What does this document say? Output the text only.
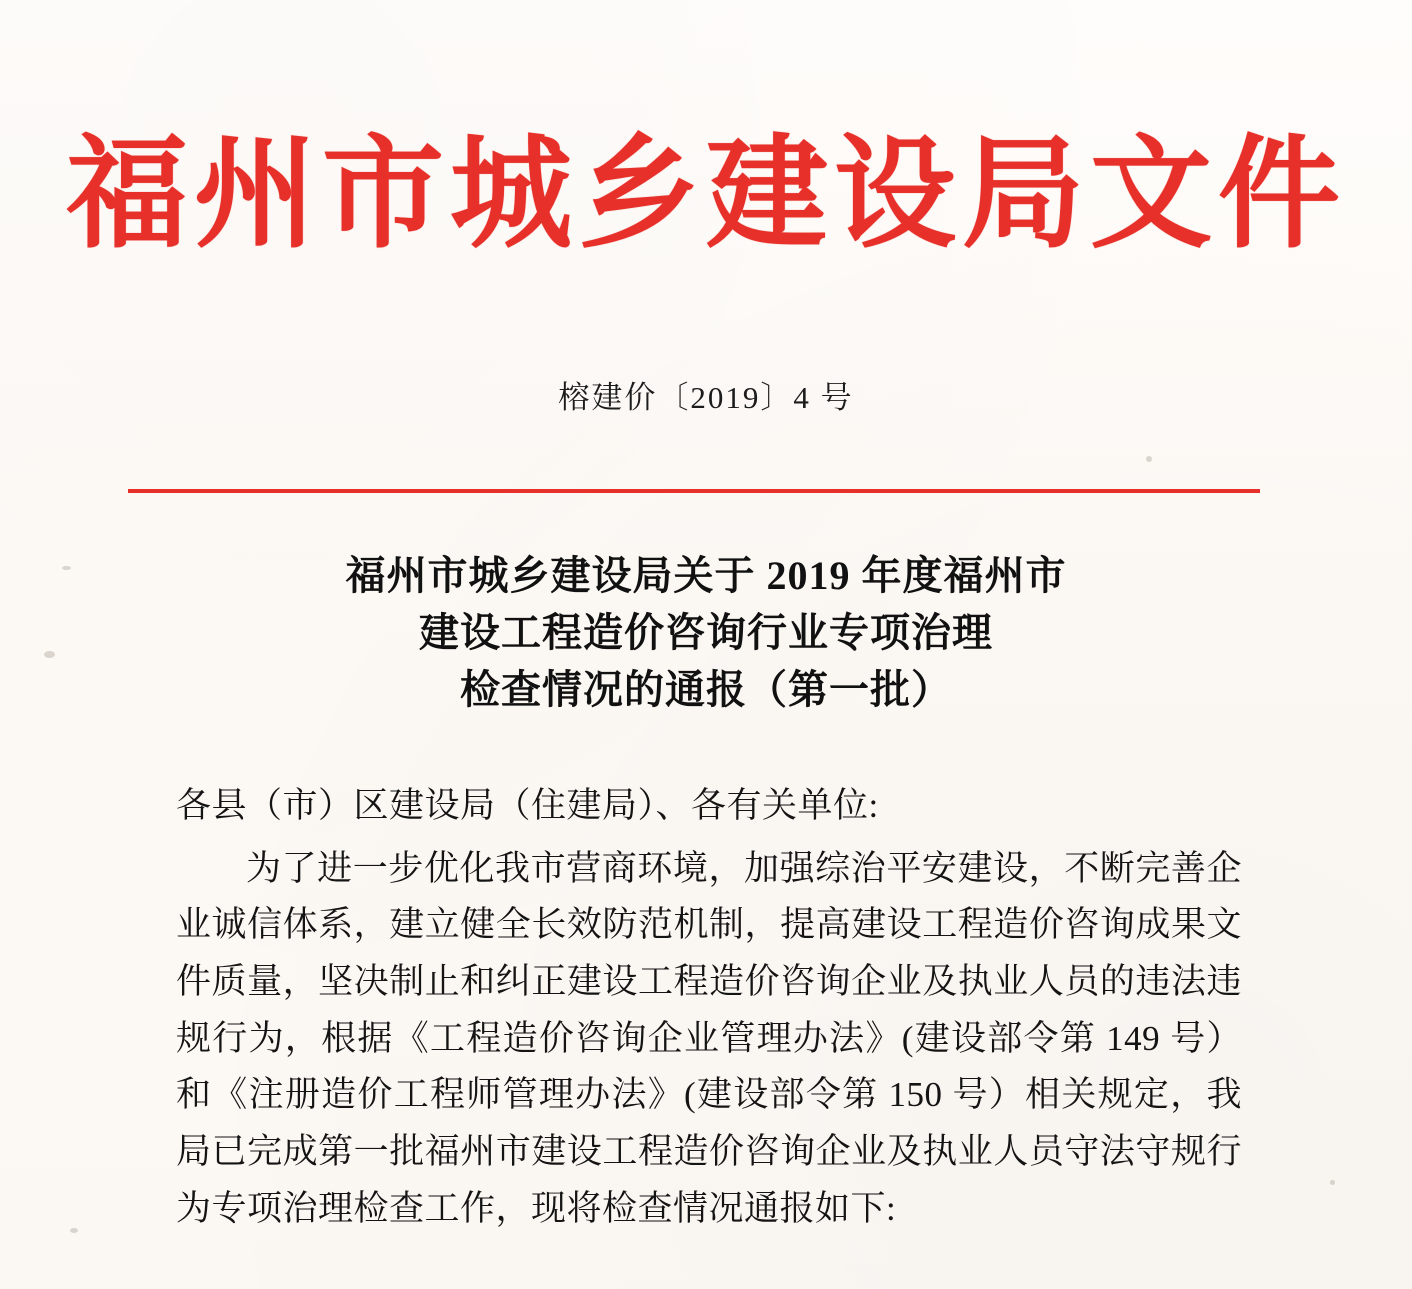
福州市城乡建设局文件
榕建价〔2019〕4 号
福州市城乡建设局关于 2019 年度福州市
建设工程造价咨询行业专项治理
检查情况的通报（第一批）

各县（市）区建设局（住建局）、各有关单位:

为了进一步优化我市营商环境，加强综治平安建设，不断完善企业诚信体系，建立健全长效防范机制，提高建设工程造价咨询成果文件质量，坚决制止和纠正建设工程造价咨询企业及执业人员的违法违规行为，根据《工程造价咨询企业管理办法》(建设部令第 149 号）和《注册造价工程师管理办法》(建设部令第 150 号）相关规定，我局已完成第一批福州市建设工程造价咨询企业及执业人员守法守规行为专项治理检查工作，现将检查情况通报如下:
